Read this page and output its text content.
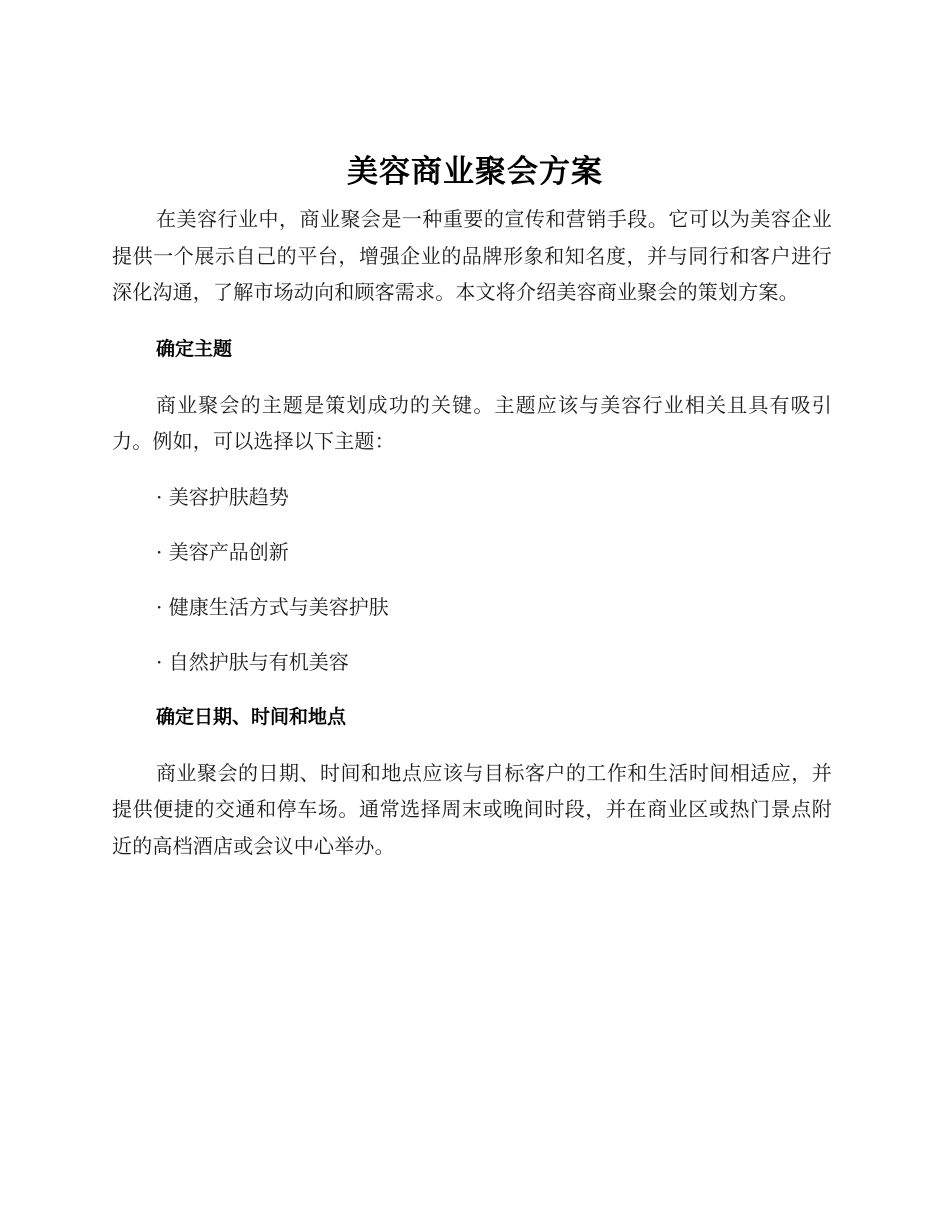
美容商业聚会方案

在美容行业中，商业聚会是一种重要的宣传和营销手段。它可以为美容企业提供一个展示自己的平台，增强企业的品牌形象和知名度，并与同行和客户进行深化沟通，了解市场动向和顾客需求。本文将介绍美容商业聚会的策划方案。

确定主题

商业聚会的主题是策划成功的关键。主题应该与美容行业相关且具有吸引力。例如，可以选择以下主题：

· 美容护肤趋势
· 美容产品创新
· 健康生活方式与美容护肤
· 自然护肤与有机美容

确定日期、时间和地点

商业聚会的日期、时间和地点应该与目标客户的工作和生活时间相适应，并提供便捷的交通和停车场。通常选择周末或晚间时段，并在商业区或热门景点附近的高档酒店或会议中心举办。
